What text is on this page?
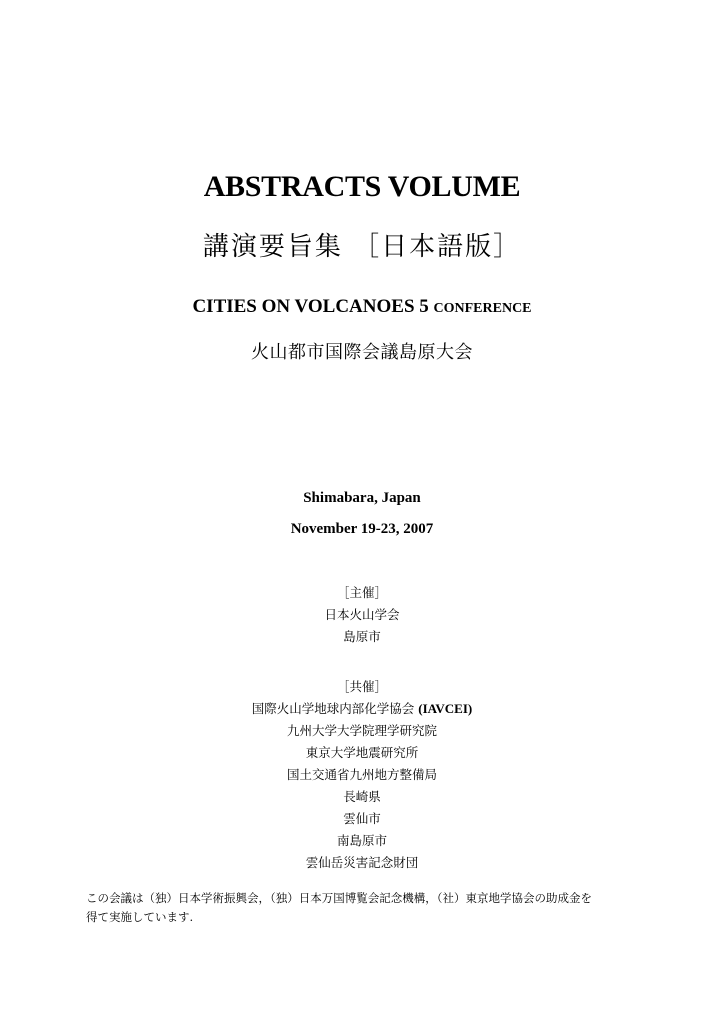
ABSTRACTS VOLUME
講演要旨集 ［日本語版］
CITIES ON VOLCANOES 5 CONFERENCE
火山都市国際会議島原大会
Shimabara, Japan
November 19-23, 2007
［主催］
日本火山学会
島原市
［共催］
国際火山学地球内部化学協会 (IAVCEI)
九州大学大学院理学研究院
東京大学地震研究所
国土交通省九州地方整備局
長崎県
雲仙市
南島原市
雲仙岳災害記念財団
この会議は（独）日本学術振興会，（独）日本万国博覧会記念機構，（社）東京地学協会の助成金を
得て実施しています.
